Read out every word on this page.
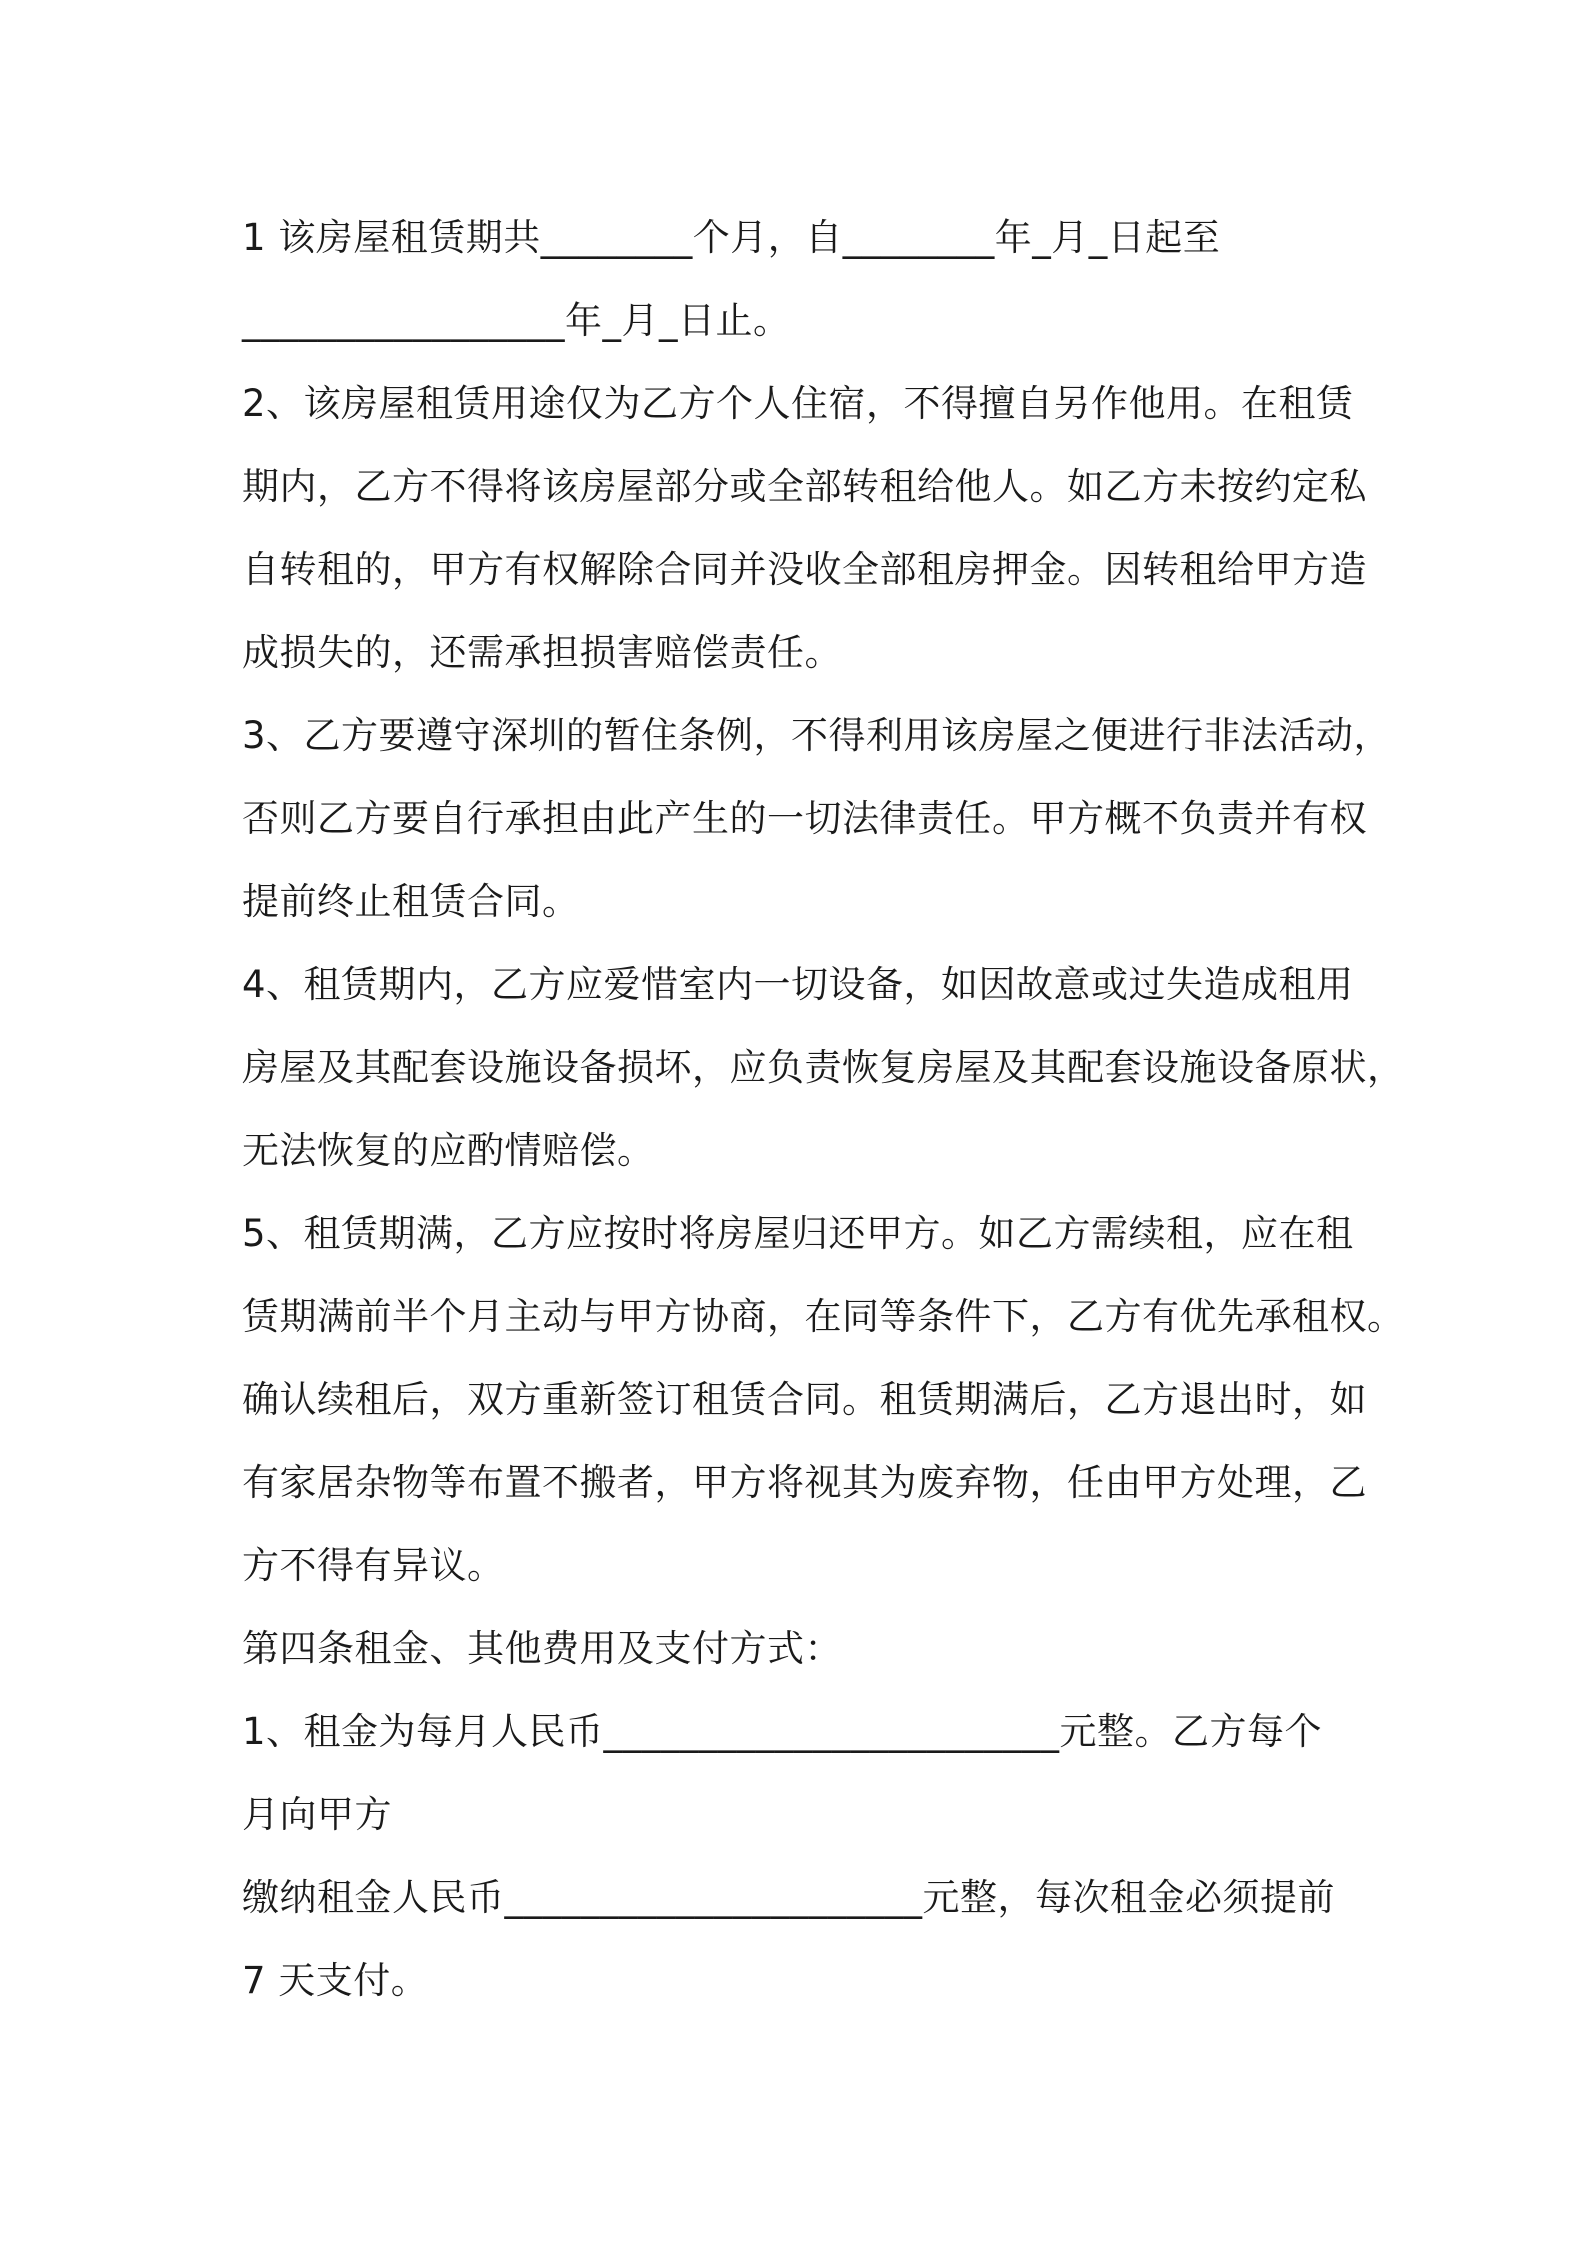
1 该房屋租赁期共________个月，自________年_月_日起至
_________________年_月_日止。
2、该房屋租赁用途仅为乙方个人住宿，不得擅自另作他用。在租赁
期内，乙方不得将该房屋部分或全部转租给他人。如乙方未按约定私
自转租的，甲方有权解除合同并没收全部租房押金。因转租给甲方造
成损失的，还需承担损害赔偿责任。
3、乙方要遵守深圳的暂住条例，不得利用该房屋之便进行非法活动，
否则乙方要自行承担由此产生的一切法律责任。甲方概不负责并有权
提前终止租赁合同。
4、租赁期内，乙方应爱惜室内一切设备，如因故意或过失造成租用
房屋及其配套设施设备损坏，应负责恢复房屋及其配套设施设备原状，
无法恢复的应酌情赔偿。
5、租赁期满，乙方应按时将房屋归还甲方。如乙方需续租，应在租
赁期满前半个月主动与甲方协商，在同等条件下，乙方有优先承租权。
确认续租后，双方重新签订租赁合同。租赁期满后，乙方退出时，如
有家居杂物等布置不搬者，甲方将视其为废弃物，任由甲方处理，乙
方不得有异议。
第四条租金、其他费用及支付方式：
1、租金为每月人民币________________________元整。乙方每个
月向甲方
缴纳租金人民币______________________元整，每次租金必须提前
7 天支付。
